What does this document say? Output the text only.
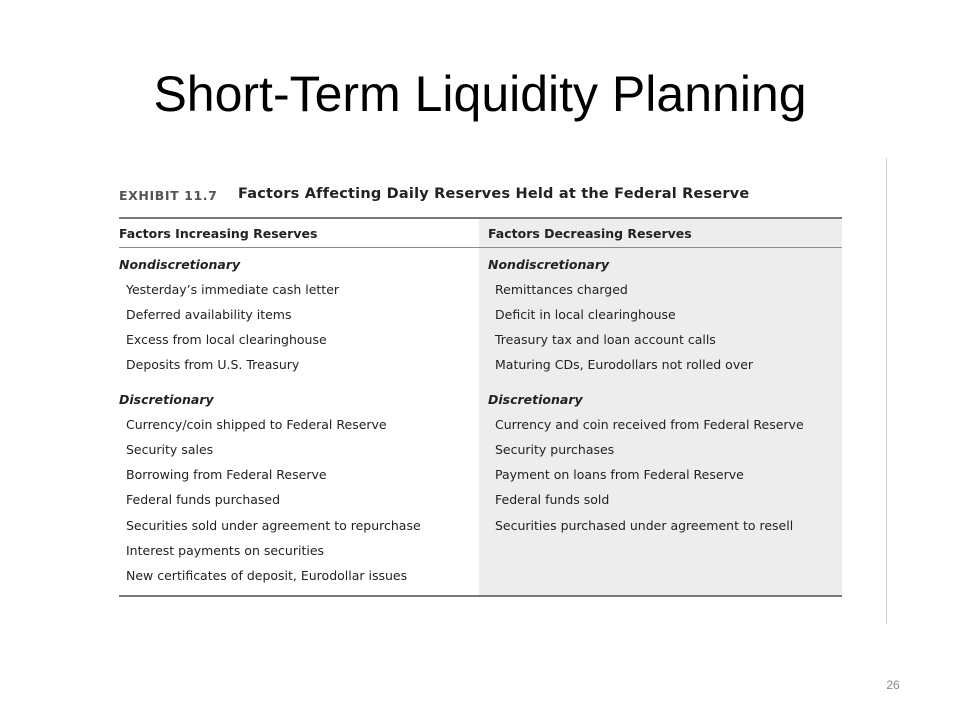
Short-Term Liquidity Planning
EXHIBIT 11.7 Factors Affecting Daily Reserves Held at the Federal Reserve
Factors Increasing Reserves	Factors Decreasing Reserves
Nondiscretionary
Yesterday’s immediate cash letter
Deferred availability items
Excess from local clearinghouse
Deposits from U.S. Treasury
Discretionary
Currency/coin shipped to Federal Reserve
Security sales
Borrowing from Federal Reserve
Federal funds purchased
Securities sold under agreement to repurchase
Interest payments on securities
New certificates of deposit, Eurodollar issues
Nondiscretionary
Remittances charged
Deficit in local clearinghouse
Treasury tax and loan account calls
Maturing CDs, Eurodollars not rolled over
Discretionary
Currency and coin received from Federal Reserve
Security purchases
Payment on loans from Federal Reserve
Federal funds sold
Securities purchased under agreement to resell
26
